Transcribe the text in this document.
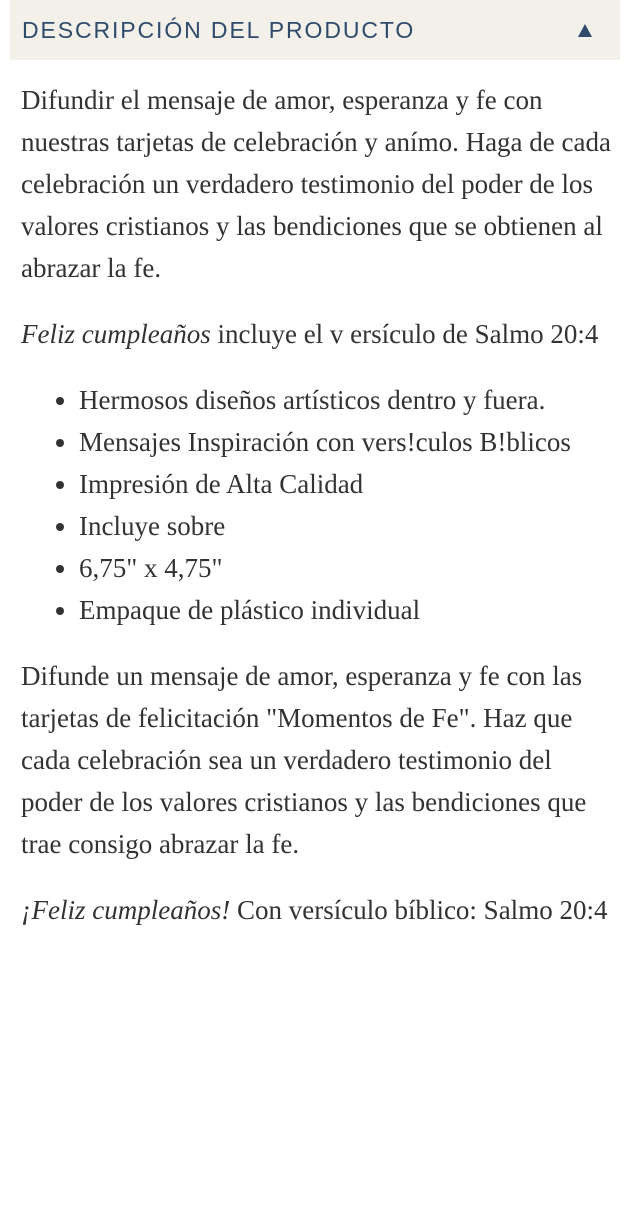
DESCRIPCIÓN DEL PRODUCTO

Difundir el mensaje de amor, esperanza y fe con nuestras tarjetas de celebración y anímo. Haga de cada celebración un verdadero testimonio del poder de los valores cristianos y las bendiciones que se obtienen al abrazar la fe.

Feliz cumpleaños incluye el v ersículo de Salmo 20:4

• Hermosos diseños artísticos dentro y fuera.
• Mensajes Inspiración con vers!culos B!blicos
• Impresión de Alta Calidad
• Incluye sobre
• 6,75" x 4,75"
• Empaque de plástico individual

Difunde un mensaje de amor, esperanza y fe con las tarjetas de felicitación "Momentos de Fe". Haz que cada celebración sea un verdadero testimonio del poder de los valores cristianos y las bendiciones que trae consigo abrazar la fe.

¡Feliz cumpleaños! Con versículo bíblico: Salmo 20:4
